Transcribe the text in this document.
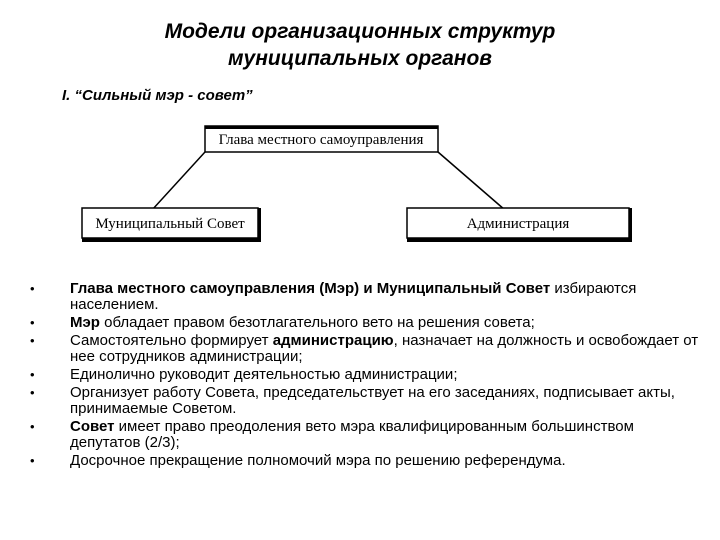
Модели организационных структур
муниципальных органов
I. “Сильный мэр - совет”
Глава местного самоуправления
Муниципальный Совет	Администрация
• Глава местного самоуправления (Мэр) и Муниципальный Совет избираются населением.
• Мэр обладает правом безотлагательного вето на решения совета;
• Самостоятельно формирует администрацию, назначает на должность и освобождает от нее сотрудников администрации;
• Единолично руководит деятельностью администрации;
• Организует работу Совета, председательствует на его заседаниях, подписывает акты, принимаемые Советом.
• Совет имеет право преодоления вето мэра квалифицированным большинством депутатов (2/3);
• Досрочное прекращение полномочий мэра по решению референдума.
